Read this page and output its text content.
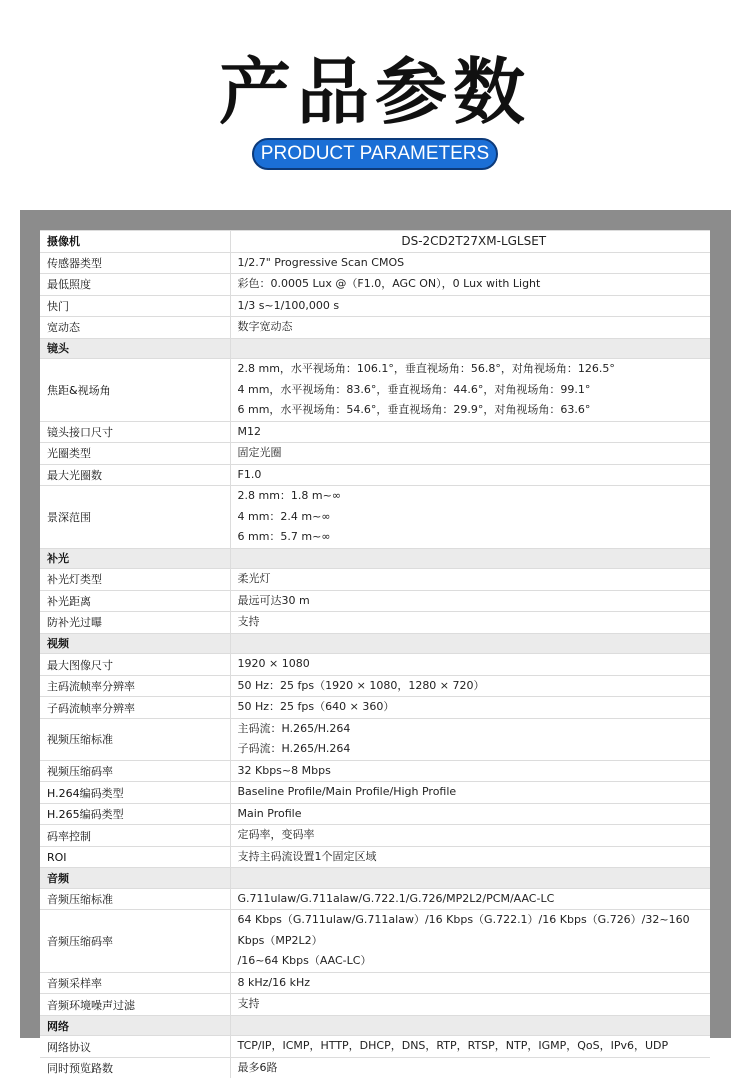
产品参数
PRODUCT PARAMETERS
摄像机	DS-2CD2T27XM-LGLSET

传感器类型	1/2.7" Progressive Scan CMOS

最低照度	彩色：0.0005 Lux @（F1.0，AGC ON），0 Lux with Light

快门	1/3 s~1/100,000 s

宽动态	数字宽动态

镜头	
焦距&视场角	2.8 mm，水平视场角：106.1°，垂直视场角：56.8°，对角视场角：126.5°
4 mm，水平视场角：83.6°，垂直视场角：44.6°，对角视场角：99.1°
6 mm，水平视场角：54.6°，垂直视场角：29.9°，对角视场角：63.6°

镜头接口尺寸	M12

光圈类型	固定光圈

最大光圈数	F1.0

景深范围	2.8 mm：1.8 m~∞
4 mm：2.4 m~∞
6 mm：5.7 m~∞

补光	
补光灯类型	柔光灯

补光距离	最远可达30 m

防补光过曝	支持

视频	
最大图像尺寸	1920 × 1080

主码流帧率分辨率	50 Hz：25 fps（1920 × 1080，1280 × 720）

子码流帧率分辨率	50 Hz：25 fps（640 × 360）

视频压缩标准	主码流：H.265/H.264
子码流：H.265/H.264

视频压缩码率	32 Kbps~8 Mbps

H.264编码类型	Baseline Profile/Main Profile/High Profile

H.265编码类型	Main Profile

码率控制	定码率，变码率

ROI	支持主码流设置1个固定区域

音频	
音频压缩标准	G.711ulaw/G.711alaw/G.722.1/G.726/MP2L2/PCM/AAC-LC

音频压缩码率	64 Kbps（G.711ulaw/G.711alaw）/16 Kbps（G.722.1）/16 Kbps（G.726）/32~160 Kbps（MP2L2）
/16~64 Kbps（AAC-LC）

音频采样率	8 kHz/16 kHz

音频环境噪声过滤	支持

网络	
网络协议	TCP/IP，ICMP，HTTP，DHCP，DNS，RTP，RTSP，NTP，IGMP，QoS，IPv6，UDP

同时预览路数	最多6路
